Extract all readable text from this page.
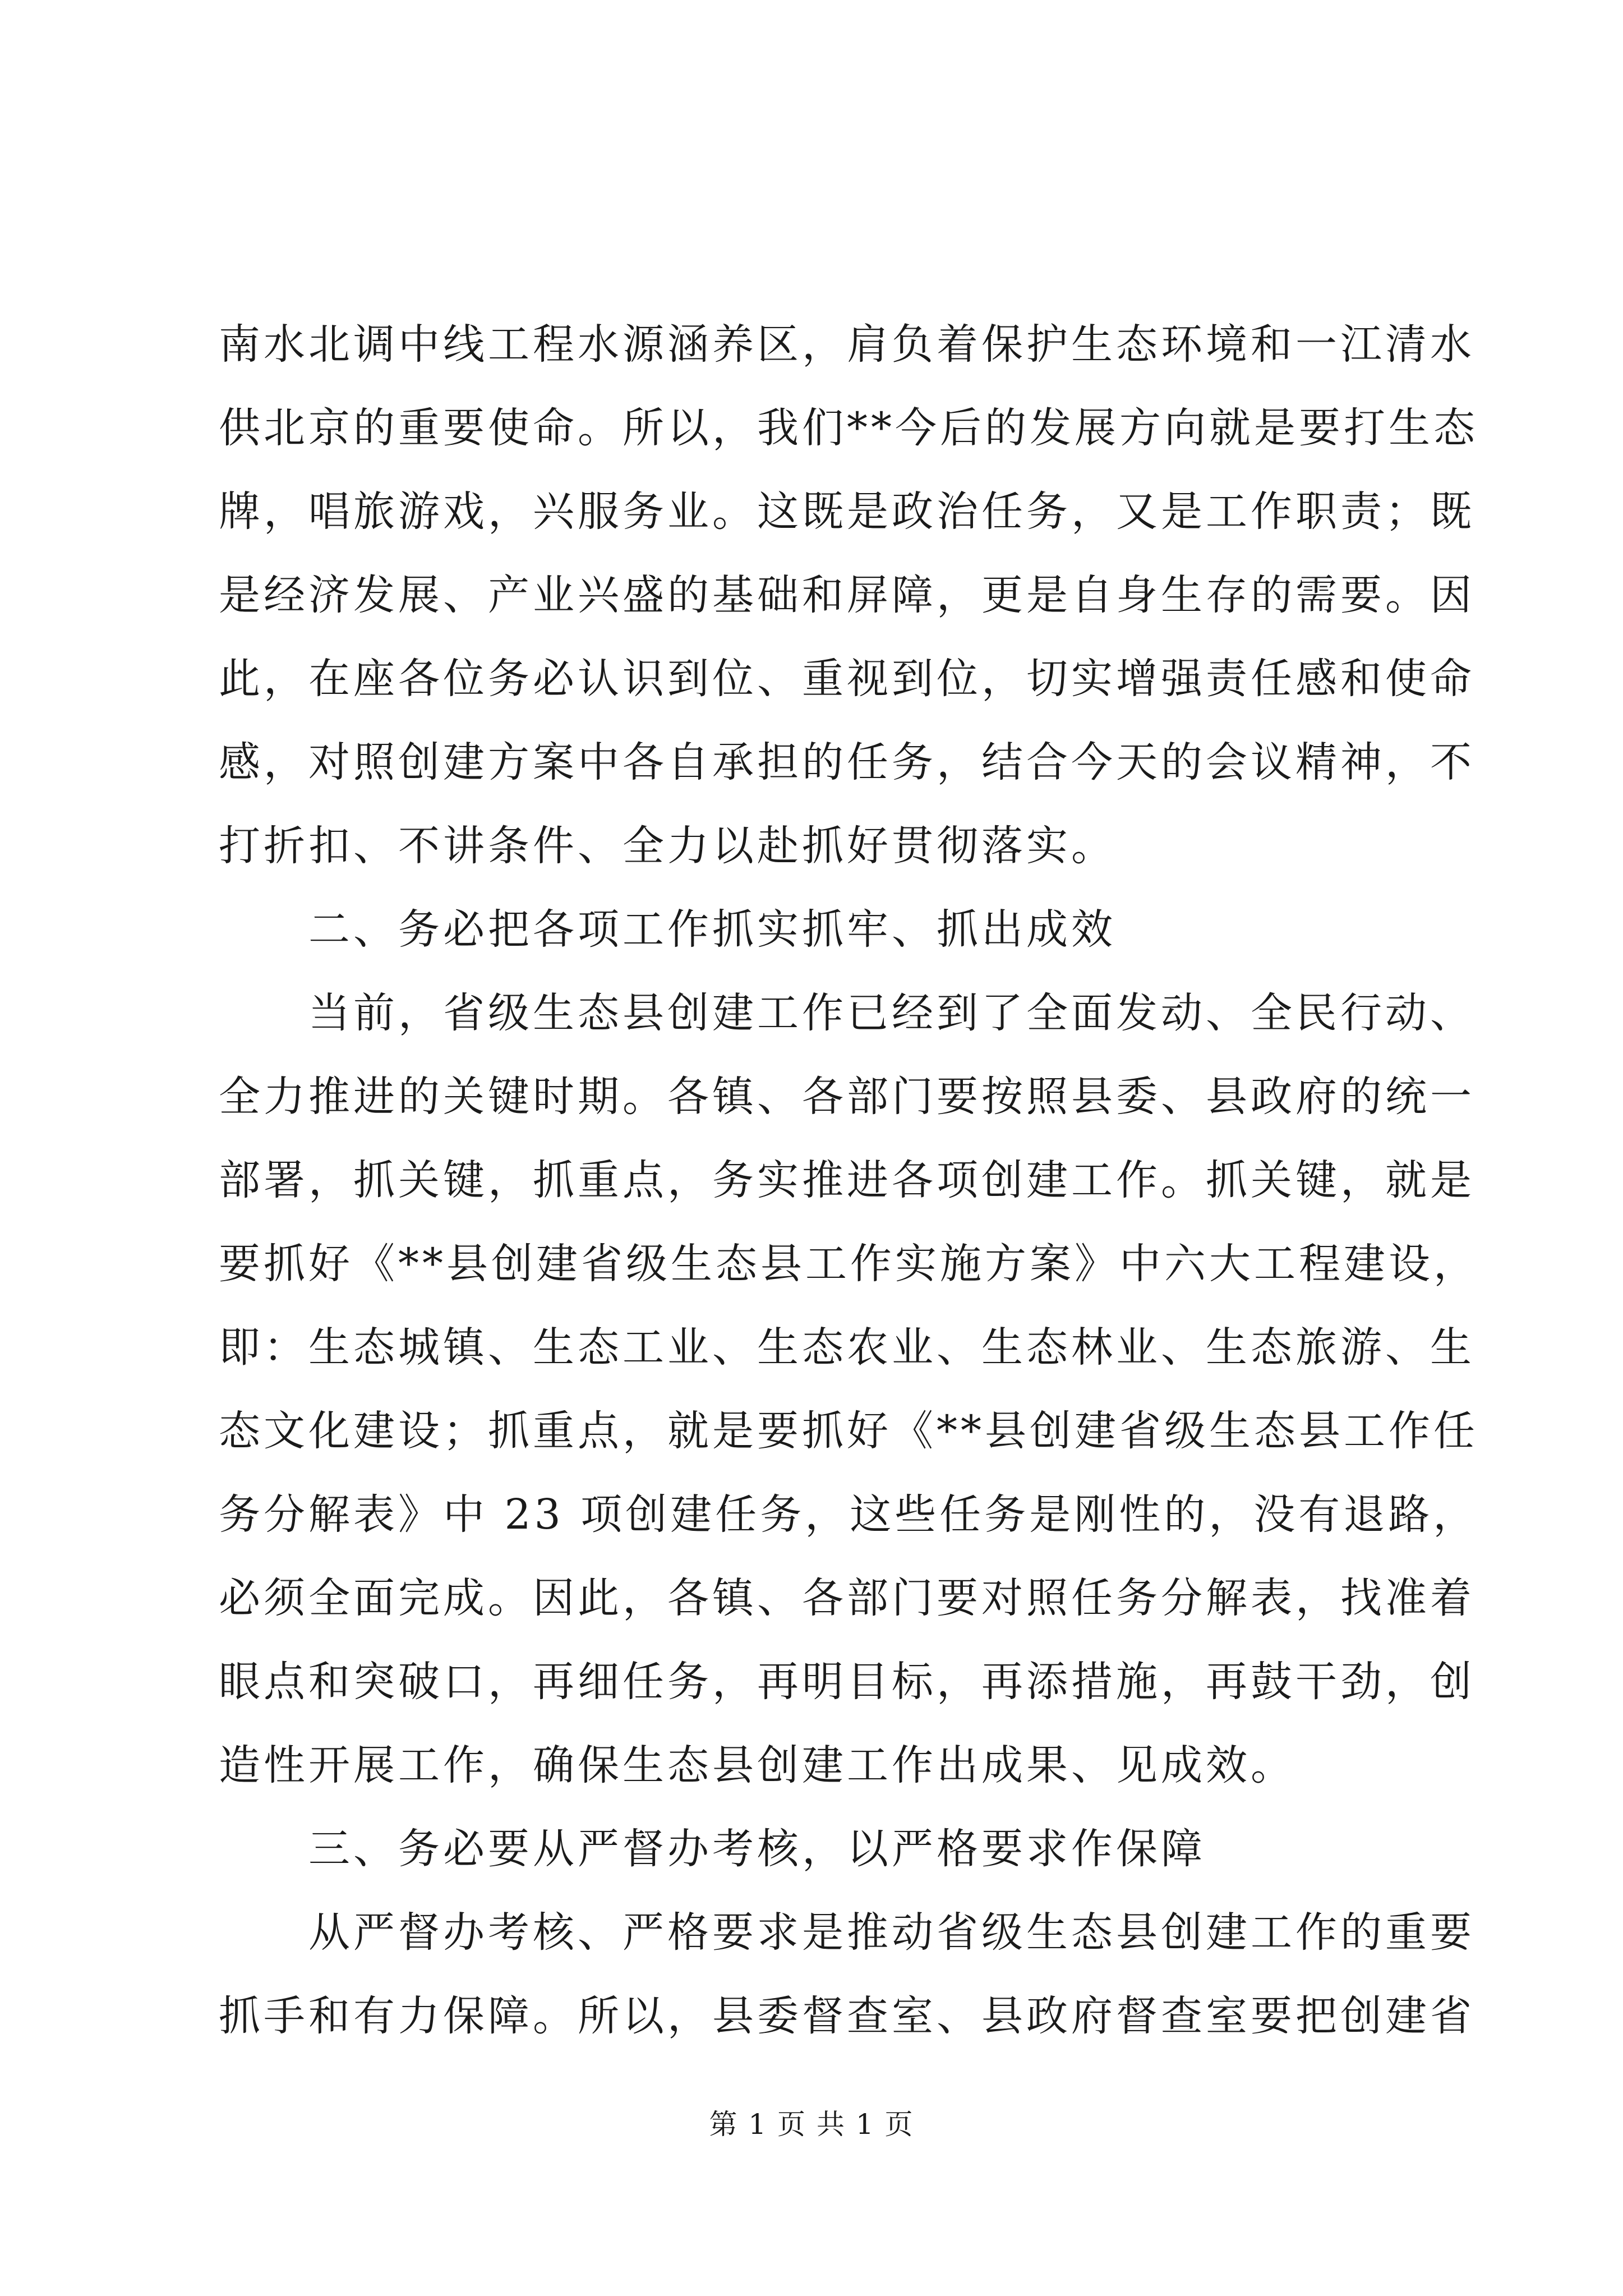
南水北调中线工程水源涵养区，肩负着保护生态环境和一江清水
供北京的重要使命。所以，我们**今后的发展方向就是要打生态
牌，唱旅游戏，兴服务业。这既是政治任务，又是工作职责；既
是经济发展、产业兴盛的基础和屏障，更是自身生存的需要。因
此，在座各位务必认识到位、重视到位，切实增强责任感和使命
感，对照创建方案中各自承担的任务，结合今天的会议精神，不
打折扣、不讲条件、全力以赴抓好贯彻落实。
二、务必把各项工作抓实抓牢、抓出成效
当前，省级生态县创建工作已经到了全面发动、全民行动、
全力推进的关键时期。各镇、各部门要按照县委、县政府的统一
部署，抓关键，抓重点，务实推进各项创建工作。抓关键，就是
要抓好《**县创建省级生态县工作实施方案》中六大工程建设，
即：生态城镇、生态工业、生态农业、生态林业、生态旅游、生
态文化建设；抓重点，就是要抓好《**县创建省级生态县工作任
务分解表》中 23 项创建任务，这些任务是刚性的，没有退路，
必须全面完成。因此，各镇、各部门要对照任务分解表，找准着
眼点和突破口，再细任务，再明目标，再添措施，再鼓干劲，创
造性开展工作，确保生态县创建工作出成果、见成效。
三、务必要从严督办考核，以严格要求作保障
从严督办考核、严格要求是推动省级生态县创建工作的重要
抓手和有力保障。所以，县委督查室、县政府督查室要把创建省
第 1 页 共 1 页
